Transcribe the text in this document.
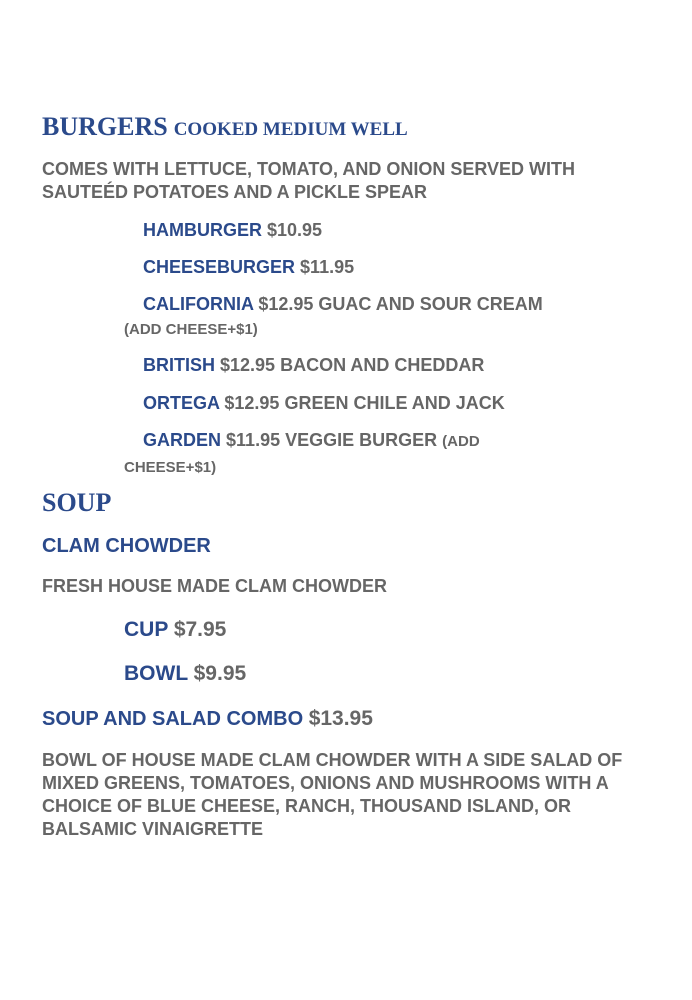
BURGERS COOKED MEDIUM WELL
COMES WITH LETTUCE, TOMATO, AND ONION SERVED WITH SAUTEÉD POTATOES AND A PICKLE SPEAR
HAMBURGER $10.95
CHEESEBURGER $11.95
CALIFORNIA $12.95 GUAC AND SOUR CREAM (ADD CHEESE+$1)
BRITISH $12.95 BACON AND CHEDDAR
ORTEGA $12.95 GREEN CHILE AND JACK
GARDEN $11.95 VEGGIE BURGER (ADD CHEESE+$1)
SOUP
CLAM CHOWDER
FRESH HOUSE MADE CLAM CHOWDER
CUP $7.95
BOWL $9.95
SOUP AND SALAD COMBO $13.95
BOWL OF HOUSE MADE CLAM CHOWDER WITH A SIDE SALAD OF MIXED GREENS, TOMATOES, ONIONS AND MUSHROOMS WITH A CHOICE OF BLUE CHEESE, RANCH, THOUSAND ISLAND, OR BALSAMIC VINAIGRETTE
